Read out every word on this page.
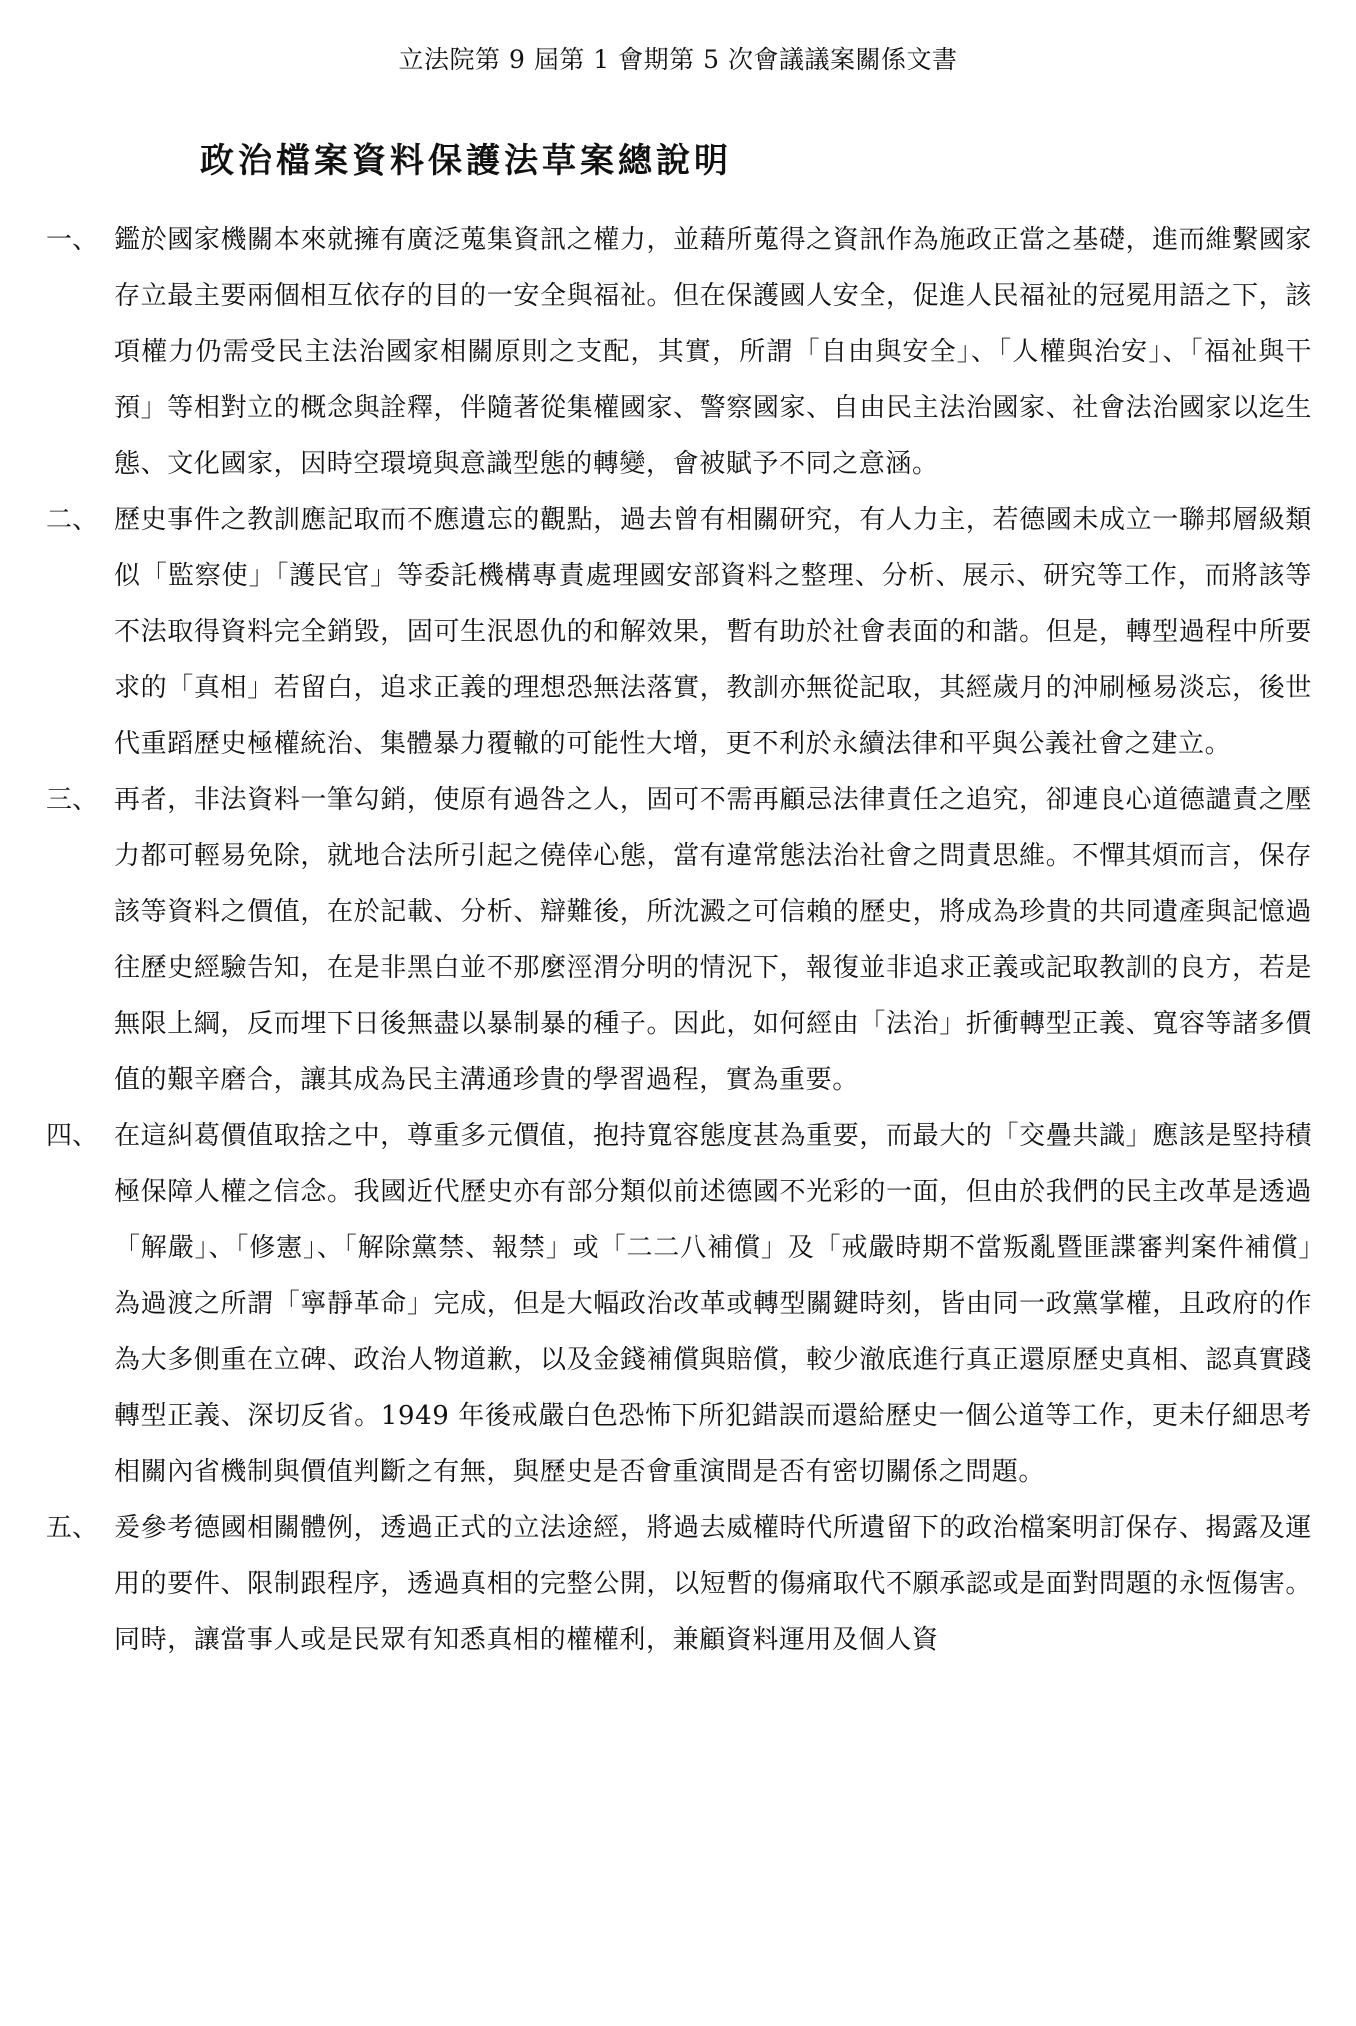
立法院第 9 屆第 1 會期第 5 次會議議案關係文書
政治檔案資料保護法草案總說明
一、 鑑於國家機關本來就擁有廣泛蒐集資訊之權力，並藉所蒐得之資訊作為施政正當之基礎，進而維繫國家存立最主要兩個相互依存的目的一安全與福祉。但在保護國人安全，促進人民福祉的冠冕用語之下，該項權力仍需受民主法治國家相關原則之支配，其實，所謂「自由與安全」、「人權與治安」、「福祉與干預」等相對立的概念與詮釋，伴隨著從集權國家、警察國家、自由民主法治國家、社會法治國家以迄生態、文化國家，因時空環境與意識型態的轉變，會被賦予不同之意涵。
二、 歷史事件之教訓應記取而不應遺忘的觀點，過去曾有相關研究，有人力主，若德國未成立一聯邦層級類似「監察使」「護民官」等委託機構專責處理國安部資料之整理、分析、展示、研究等工作，而將該等不法取得資料完全銷毀，固可生泯恩仇的和解效果，暫有助於社會表面的和諧。但是，轉型過程中所要求的「真相」若留白，追求正義的理想恐無法落實，教訓亦無從記取，其經歲月的沖刷極易淡忘，後世代重蹈歷史極權統治、集體暴力覆轍的可能性大增，更不利於永續法律和平與公義社會之建立。
三、 再者，非法資料一筆勾銷，使原有過咎之人，固可不需再顧忌法律責任之追究，卻連良心道德譴責之壓力都可輕易免除，就地合法所引起之僥倖心態，當有違常態法治社會之問責思維。不憚其煩而言，保存該等資料之價值，在於記載、分析、辯難後，所沈澱之可信賴的歷史，將成為珍貴的共同遺產與記憶過往歷史經驗告知，在是非黑白並不那麼涇渭分明的情況下，報復並非追求正義或記取教訓的良方，若是無限上綱，反而埋下日後無盡以暴制暴的種子。因此，如何經由「法治」折衝轉型正義、寬容等諸多價值的艱辛磨合，讓其成為民主溝通珍貴的學習過程，實為重要。
四、 在這糾葛價值取捨之中，尊重多元價值，抱持寬容態度甚為重要，而最大的「交疊共識」應該是堅持積極保障人權之信念。我國近代歷史亦有部分類似前述德國不光彩的一面，但由於我們的民主改革是透過「解嚴」、「修憲」、「解除黨禁、報禁」或「二二八補償」及「戒嚴時期不當叛亂暨匪諜審判案件補償」為過渡之所謂「寧靜革命」完成，但是大幅政治改革或轉型關鍵時刻，皆由同一政黨掌權，且政府的作為大多側重在立碑、政治人物道歉，以及金錢補償與賠償，較少澈底進行真正還原歷史真相、認真實踐轉型正義、深切反省。1949 年後戒嚴白色恐怖下所犯錯誤而還給歷史一個公道等工作，更未仔細思考相關內省機制與價值判斷之有無，與歷史是否會重演間是否有密切關係之問題。
五、 爰參考德國相關體例，透過正式的立法途經，將過去威權時代所遺留下的政治檔案明訂保存、揭露及運用的要件、限制跟程序，透過真相的完整公開，以短暫的傷痛取代不願承認或是面對問題的永恆傷害。同時，讓當事人或是民眾有知悉真相的權權利，兼顧資料運用及個人資
